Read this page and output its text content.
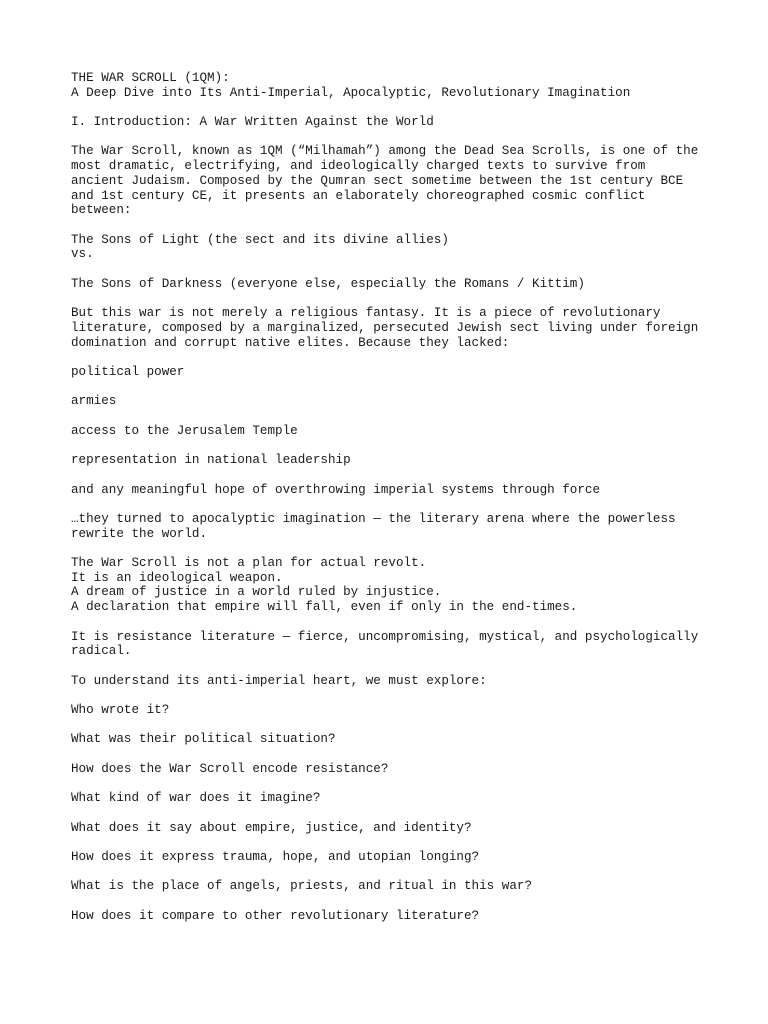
THE WAR SCROLL (1QM):
A Deep Dive into Its Anti-Imperial, Apocalyptic, Revolutionary Imagination
I. Introduction: A War Written Against the World
The War Scroll, known as 1QM (“Milhamah”) among the Dead Sea Scrolls, is one of the
most dramatic, electrifying, and ideologically charged texts to survive from
ancient Judaism. Composed by the Qumran sect sometime between the 1st century BCE
and 1st century CE, it presents an elaborately choreographed cosmic conflict
between:
The Sons of Light (the sect and its divine allies)
vs.
The Sons of Darkness (everyone else, especially the Romans / Kittim)
But this war is not merely a religious fantasy. It is a piece of revolutionary
literature, composed by a marginalized, persecuted Jewish sect living under foreign
domination and corrupt native elites. Because they lacked:
political power
armies
access to the Jerusalem Temple
representation in national leadership
and any meaningful hope of overthrowing imperial systems through force
…they turned to apocalyptic imagination — the literary arena where the powerless
rewrite the world.
The War Scroll is not a plan for actual revolt.
It is an ideological weapon.
A dream of justice in a world ruled by injustice.
A declaration that empire will fall, even if only in the end-times.
It is resistance literature — fierce, uncompromising, mystical, and psychologically
radical.
To understand its anti-imperial heart, we must explore:
Who wrote it?
What was their political situation?
How does the War Scroll encode resistance?
What kind of war does it imagine?
What does it say about empire, justice, and identity?
How does it express trauma, hope, and utopian longing?
What is the place of angels, priests, and ritual in this war?
How does it compare to other revolutionary literature?
